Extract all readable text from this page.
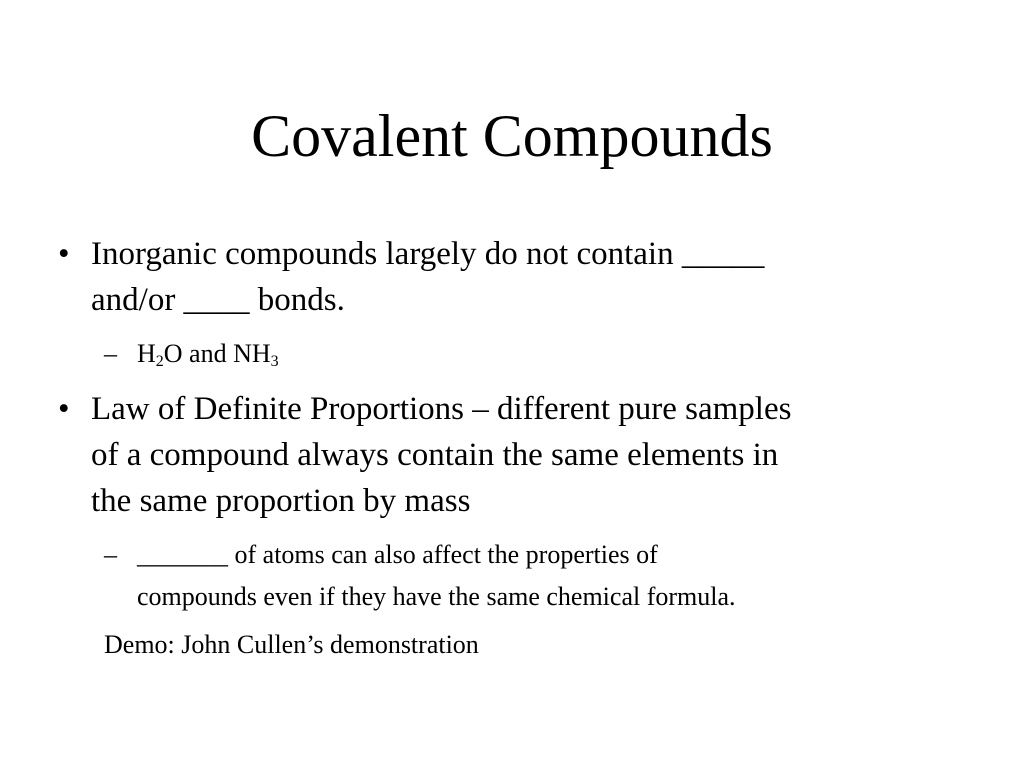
Covalent Compounds
• Inorganic compounds largely do not contain _____
and/or ____ bonds.
– $H_2O$ and $NH_3$
• Law of Definite Proportions – different pure samples
of a compound always contain the same elements in
the same proportion by mass
– _______ of atoms can also affect the properties of
compounds even if they have the same chemical formula.
Demo: John Cullen’s demonstration
